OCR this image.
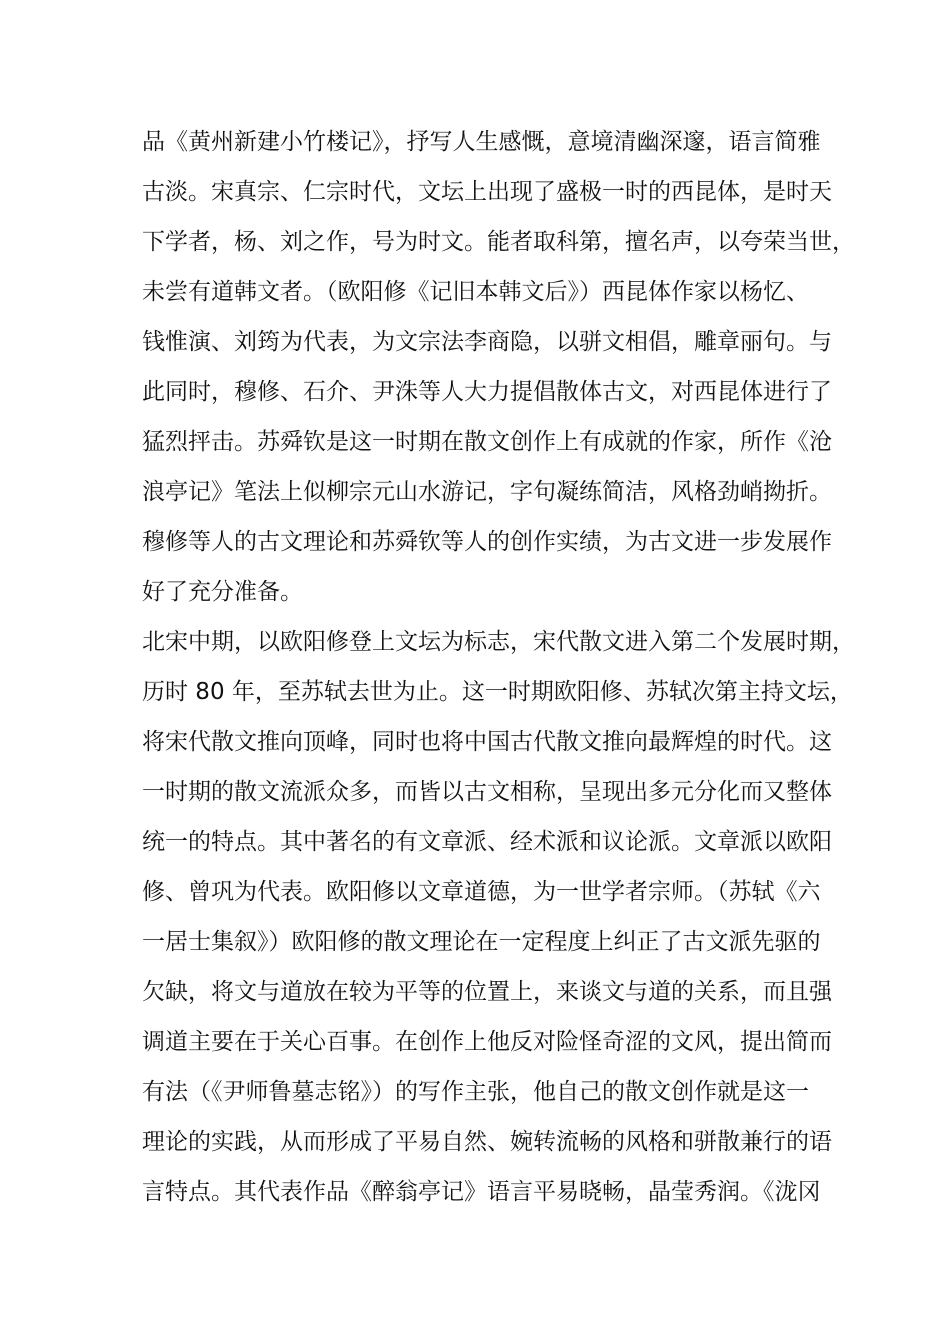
品《黄州新建小竹楼记》，抒写人生感慨，意境清幽深邃，语言简雅
古淡。宋真宗、仁宗时代，文坛上出现了盛极一时的西昆体，是时天
下学者，杨、刘之作，号为时文。能者取科第，擅名声，以夸荣当世，
未尝有道韩文者。（欧阳修《记旧本韩文后》）西昆体作家以杨忆、
钱惟演、刘筠为代表，为文宗法李商隐，以骈文相倡，雕章丽句。与
此同时，穆修、石介、尹洙等人大力提倡散体古文，对西昆体进行了
猛烈抨击。苏舜钦是这一时期在散文创作上有成就的作家，所作《沧
浪亭记》笔法上似柳宗元山水游记，字句凝练简洁，风格劲峭拗折。
穆修等人的古文理论和苏舜钦等人的创作实绩，为古文进一步发展作
好了充分准备。
北宋中期，以欧阳修登上文坛为标志，宋代散文进入第二个发展时期，
历时 80 年，至苏轼去世为止。这一时期欧阳修、苏轼次第主持文坛，
将宋代散文推向顶峰，同时也将中国古代散文推向最辉煌的时代。这
一时期的散文流派众多，而皆以古文相称，呈现出多元分化而又整体
统一的特点。其中著名的有文章派、经术派和议论派。文章派以欧阳
修、曾巩为代表。欧阳修以文章道德，为一世学者宗师。（苏轼《六
一居士集叙》）欧阳修的散文理论在一定程度上纠正了古文派先驱的
欠缺，将文与道放在较为平等的位置上，来谈文与道的关系，而且强
调道主要在于关心百事。在创作上他反对险怪奇涩的文风，提出简而
有法（《尹师鲁墓志铭》）的写作主张，他自己的散文创作就是这一
理论的实践，从而形成了平易自然、婉转流畅的风格和骈散兼行的语
言特点。其代表作品《醉翁亭记》语言平易晓畅，晶莹秀润。《泷冈
